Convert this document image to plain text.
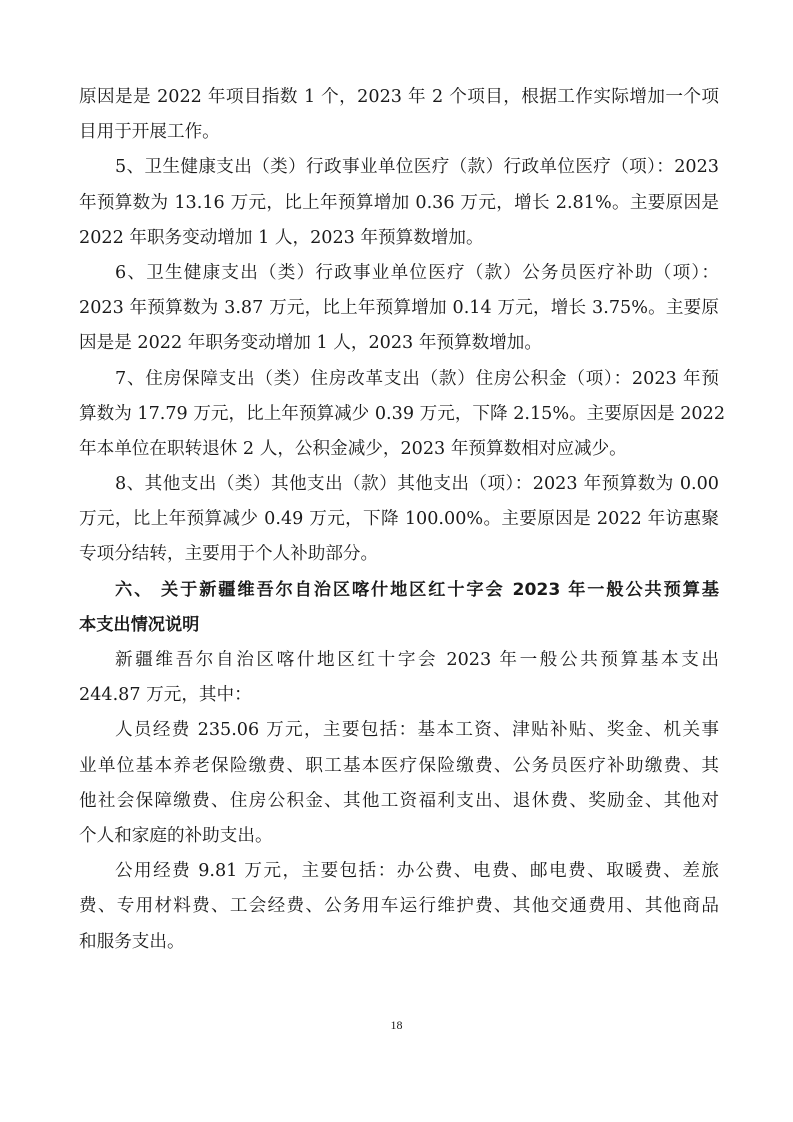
原因是是 2022 年项目指数 1 个，2023 年 2 个项目，根据工作实际增加一个项
目用于开展工作。
5、卫生健康支出（类）行政事业单位医疗（款）行政单位医疗（项）：2023
年预算数为 13.16 万元，比上年预算增加 0.36 万元，增长 2.81%。主要原因是
2022 年职务变动增加 1 人，2023 年预算数增加。
6、卫生健康支出（类）行政事业单位医疗（款）公务员医疗补助（项）：
2023 年预算数为 3.87 万元，比上年预算增加 0.14 万元，增长 3.75%。主要原
因是是 2022 年职务变动增加 1 人，2023 年预算数增加。
7、住房保障支出（类）住房改革支出（款）住房公积金（项）：2023 年预
算数为 17.79 万元，比上年预算减少 0.39 万元，下降 2.15%。主要原因是 2022
年本单位在职转退休 2 人，公积金减少，2023 年预算数相对应减少。
8、其他支出（类）其他支出（款）其他支出（项）：2023 年预算数为 0.00
万元，比上年预算减少 0.49 万元，下降 100.00%。主要原因是 2022 年访惠聚
专项分结转，主要用于个人补助部分。
六、 关于新疆维吾尔自治区喀什地区红十字会 2023 年一般公共预算基
本支出情况说明
新疆维吾尔自治区喀什地区红十字会 2023 年一般公共预算基本支出
244.87 万元，其中：
人员经费 235.06 万元，主要包括：基本工资、津贴补贴、奖金、机关事
业单位基本养老保险缴费、职工基本医疗保险缴费、公务员医疗补助缴费、其
他社会保障缴费、住房公积金、其他工资福利支出、退休费、奖励金、其他对
个人和家庭的补助支出。
公用经费 9.81 万元，主要包括：办公费、电费、邮电费、取暖费、差旅
费、专用材料费、工会经费、公务用车运行维护费、其他交通费用、其他商品
和服务支出。
18
